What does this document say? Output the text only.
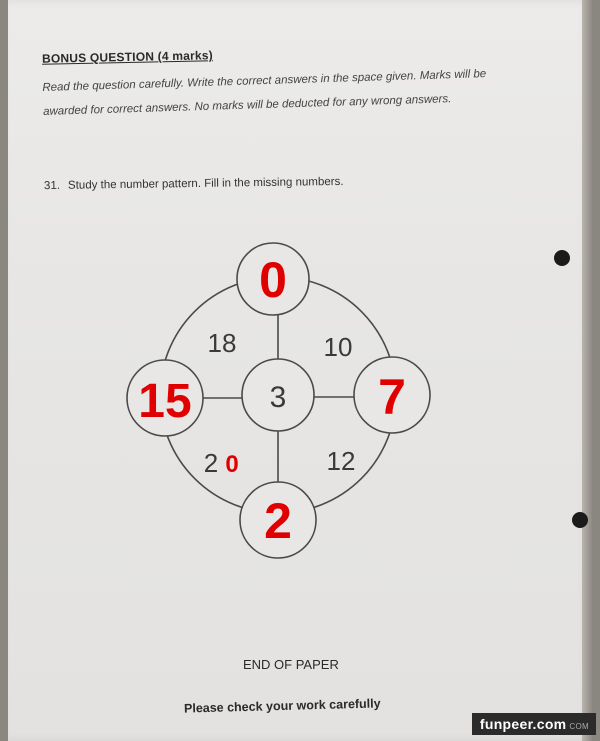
BONUS QUESTION (4 marks)
Read the question carefully. Write the correct answers in the space given. Marks will be awarded for correct answers. No marks will be deducted for any wrong answers.
31. Study the number pattern. Fill in the missing numbers.
3
18	10
2 0	12
0
15	7
2
END OF PAPER
Please check your work carefully
funpeer.com COM
